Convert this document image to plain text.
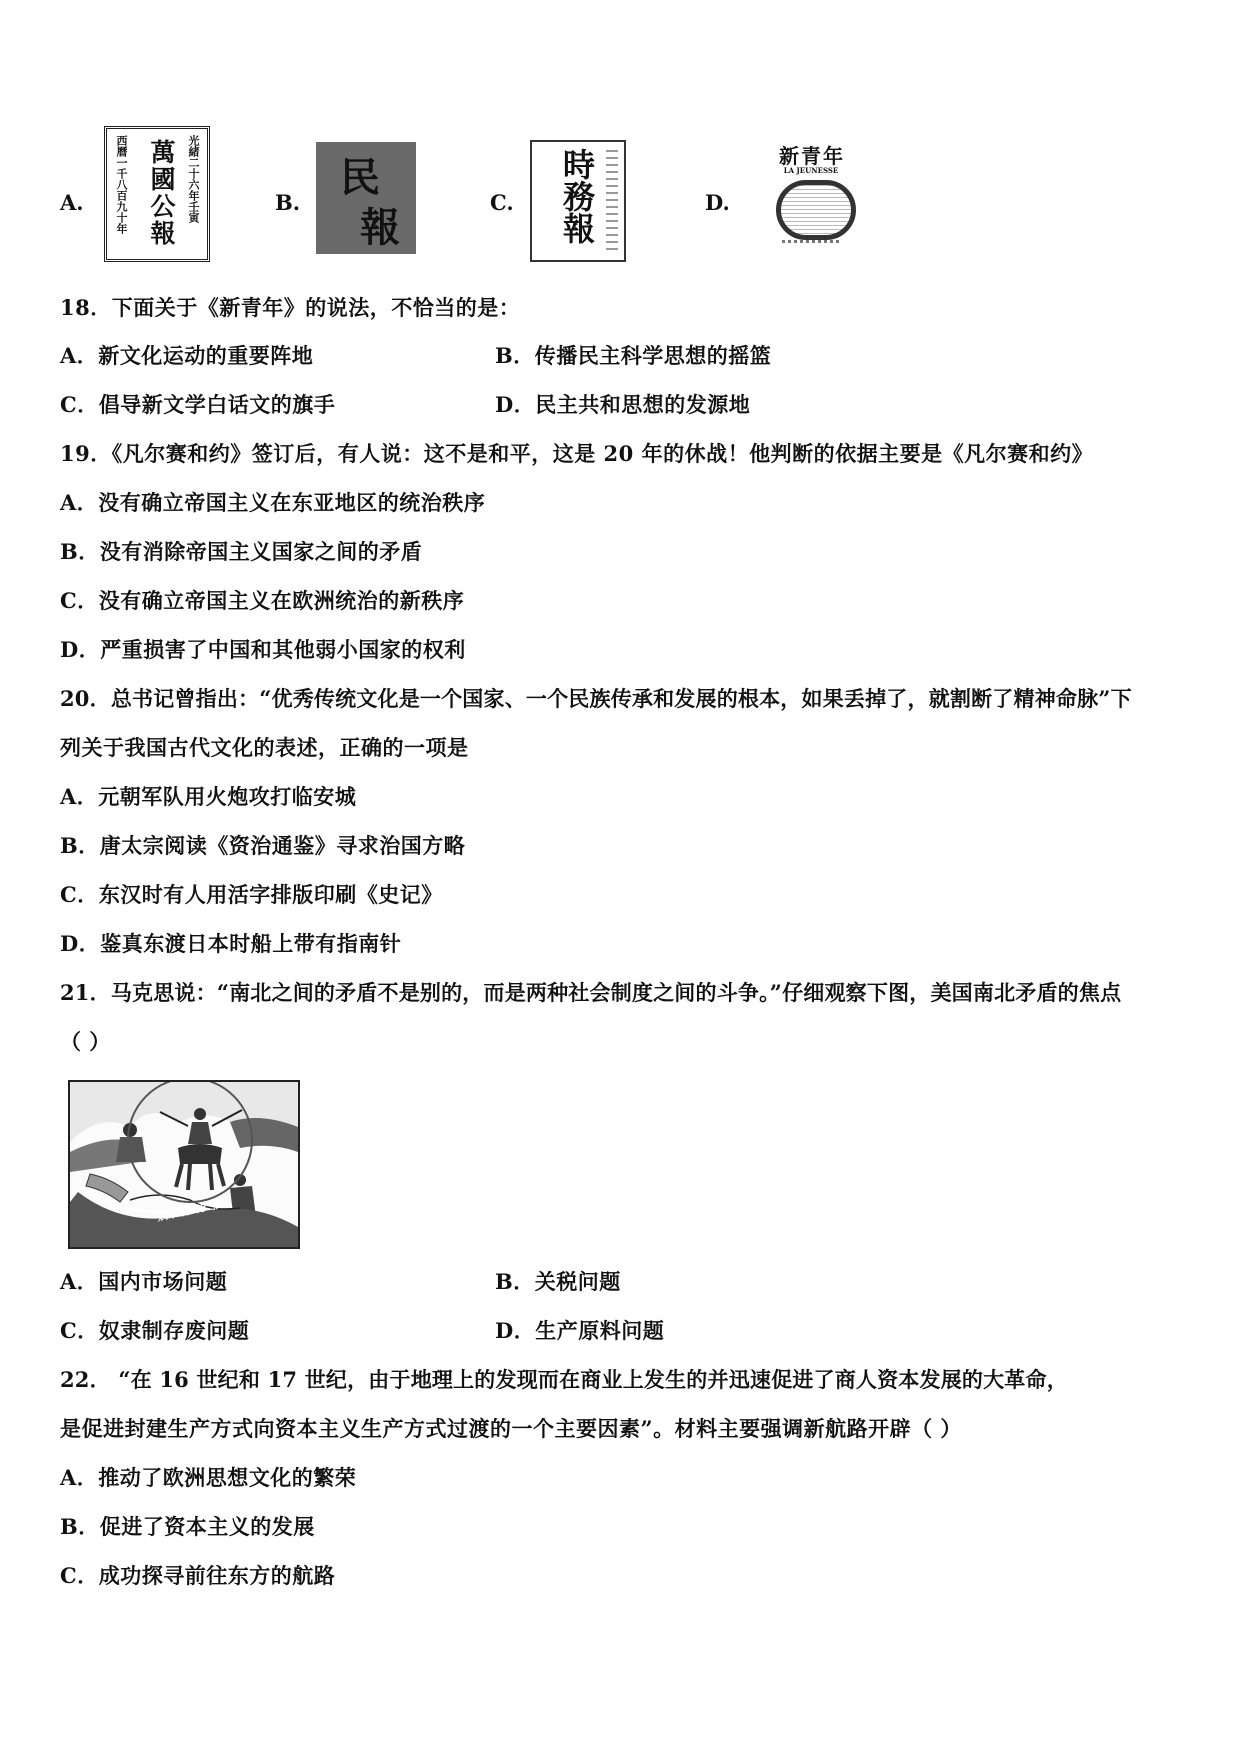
A.	光緒二十六年壬寅
西曆一千八百九十年 萬國公報	B.
民
報
C. 時務報	D.
新青年
LA JEUNESSE
18．下面关于《新青年》的说法，不恰当的是：
A．新文化运动的重要阵地	B．传播民主科学思想的摇篮
C．倡导新文学白话文的旗手	D．民主共和思想的发源地
19．《凡尔赛和约》签订后，有人说：这不是和平，这是 20 年的休战！他判断的依据主要是《凡尔赛和约》
A．没有确立帝国主义在东亚地区的统治秩序
B．没有消除帝国主义国家之间的矛盾
C．没有确立帝国主义在欧洲统治的新秩序
D．严重损害了中国和其他弱小国家的权利
20．总书记曾指出：“优秀传统文化是一个国家、一个民族传承和发展的根本，如果丢掉了，就割断了精神命脉”下
列关于我国古代文化的表述，正确的一项是
A．元朝军队用火炮攻打临安城
B．唐太宗阅读《资治通鉴》寻求治国方略
C．东汉时有人用活字排版印刷《史记》
D．鉴真东渡日本时船上带有指南针
21．马克思说：“南北之间的矛盾不是别的，而是两种社会制度之间的斗争。”仔细观察下图，美国南北矛盾的焦点
（ ）
奴隶制的扩张
A．国内市场问题	B．关税问题
C．奴隶制存废问题	D．生产原料问题
22． “在 16 世纪和 17 世纪，由于地理上的发现而在商业上发生的并迅速促进了商人资本发展的大革命，
是促进封建生产方式向资本主义生产方式过渡的一个主要因素”。材料主要强调新航路开辟（ ）
A．推动了欧洲思想文化的繁荣
B．促进了资本主义的发展
C．成功探寻前往东方的航路
